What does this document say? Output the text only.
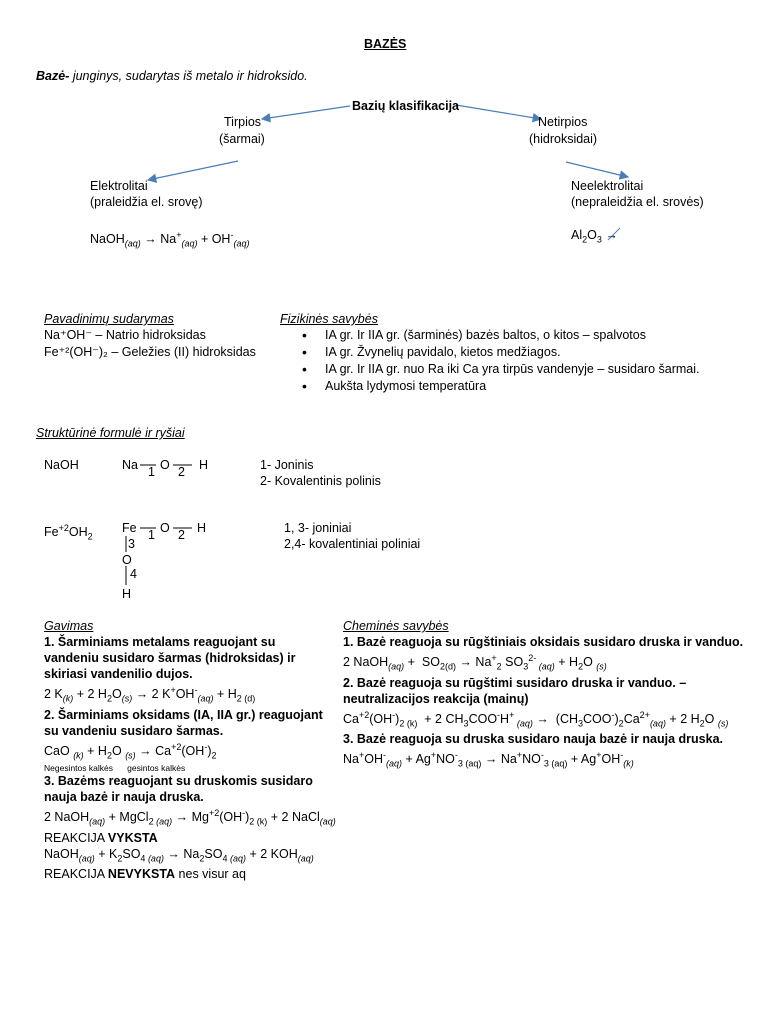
BAZĖS
Bazė- junginys, sudarytas iš metalo ir hidroksido.
Bazių klasifikacija
Tirpios
(šarmai)
Netirpios
(hidroksidai)
Elektrolitai
(praleidžia el. srovę)
Neelektrolitai
(nepraleidžia el. srovės)
NaOH$_{(aq)}$ → $Na^+_{(aq)} + OH^-_{(aq)}$
$Al_2O_3$ →
Pavadinimų sudarymas
Na⁺OH⁻ – Natrio hidroksidas
Fe⁺²(OH⁻)₂ – Geležies (II) hidroksidas
Fizikinės savybės
• IA gr. Ir IIA gr. (šarminės) bazės baltos, o kitos – spalvotos
• IA gr. Žvynelių pavidalo, kietos medžiagos.
• IA gr. Ir IIA gr. nuo Ra iki Ca yra tirpūs vandenyje – susidaro šarmai.
• Aukšta lydymosi temperatūra
Struktūrinė formulė ir ryšiai
NaOH	Na O H
1 2	1- Joninis
2- Kovalentinis polinis
$Fe^{+2}OH_2$
Fe O H
1 2
3
O
4
H
1, 3- joniniai
2,4- kovalentiniai poliniai
Gavimas
1. Šarminiams metalams reaguojant su
vandeniu susidaro šarmas (hidroksidas) ir
skiriasi vandenilio dujos.
2 $K_{(k)} + 2$ $H_2O_{(s)} \to 2$ $K^+OH^-_{(aq)} + H_{2 (d)}$
2. Šarminiams oksidams (IA, IIA gr.) reaguojant
su vandeniu susidaro šarmas.
CaO $_{(k)} + H_2O$ $_{(s)} \to Ca^{+2}(OH^-)_2$
Negesintos kalkės      gesintos kalkės
3. Bazėms reaguojant su druskomis susidaro
nauja bazė ir nauja druska.
2 NaOH$_{(aq)}$ + MgCl$_2$ $_{(aq)} \to Mg^{+2}(OH^-)_{2 (k)} + 2$ NaCl$_{(aq)}$
REAKCIJA VYKSTA
NaOH$_{(aq)}$ + $K_2SO_4$ $_{(aq)} \to Na_2SO_4$ $_{(aq)}$ + 2 $KOH_{(aq)}$
REAKCIJA NEVYKSTA nes visur aq
Cheminės savybės
1. Bazė reaguoja su rūgštiniais oksidais susidaro druska ir vanduo.
2 NaOH$_{(aq)}$ +  $SO_{2(d)} \to Na^+_2$ $SO_3^{2-}$ $_{(aq)} + H_2O$ $_{(s)}$
2. Bazė reaguoja su rūgštimi susidaro druska ir vanduo. –
neutralizacijos reakcija (mainų)
$Ca^{+2}(OH^-)_{2 (k)} + 2$ $CH_3COO^-H^+$ $_{(aq)} \to (CH_3COO^-)_2Ca^{2+}_{(aq)} + 2$ $H_2O$ $_{(s)}$
3. Bazė reaguoja su druska susidaro nauja bazė ir nauja druska.
$Na^+OH^-_{(aq)} + Ag^+NO^-_{3 (aq)} \to Na^+NO^-_{3 (aq)} + Ag^+OH^-_{(k)}$
